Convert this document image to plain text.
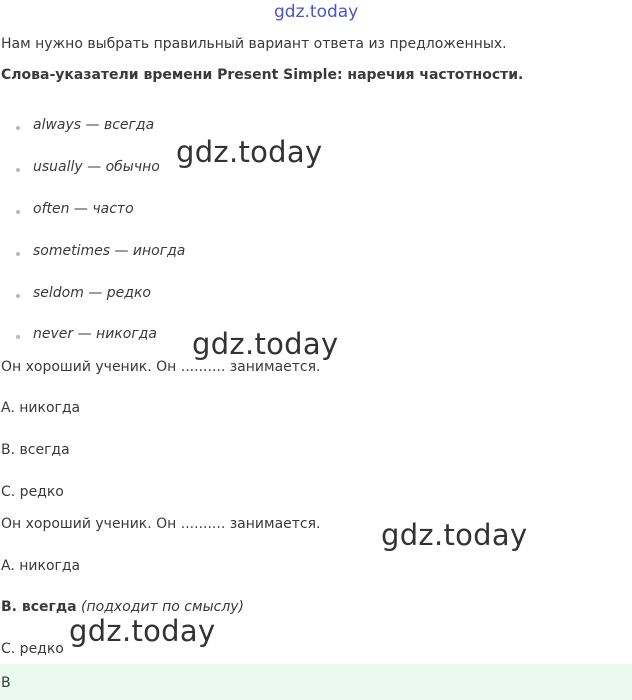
gdz.today
Нам нужно выбрать правильный вариант ответа из предложенных.
Слова-указатели времени Present Simple: наречия частотности.
always — всегда
usually — обычно
often — часто
sometimes — иногда
seldom — редко
never — никогда
Он хороший ученик. Он .......... занимается.
A. никогда
B. всегда
C. редко
Он хороший ученик. Он .......... занимается.
A. никогда
B. всегда (подходит по смыслу)
C. редко
B
gdz.today
gdz.today
gdz.today
gdz.today
